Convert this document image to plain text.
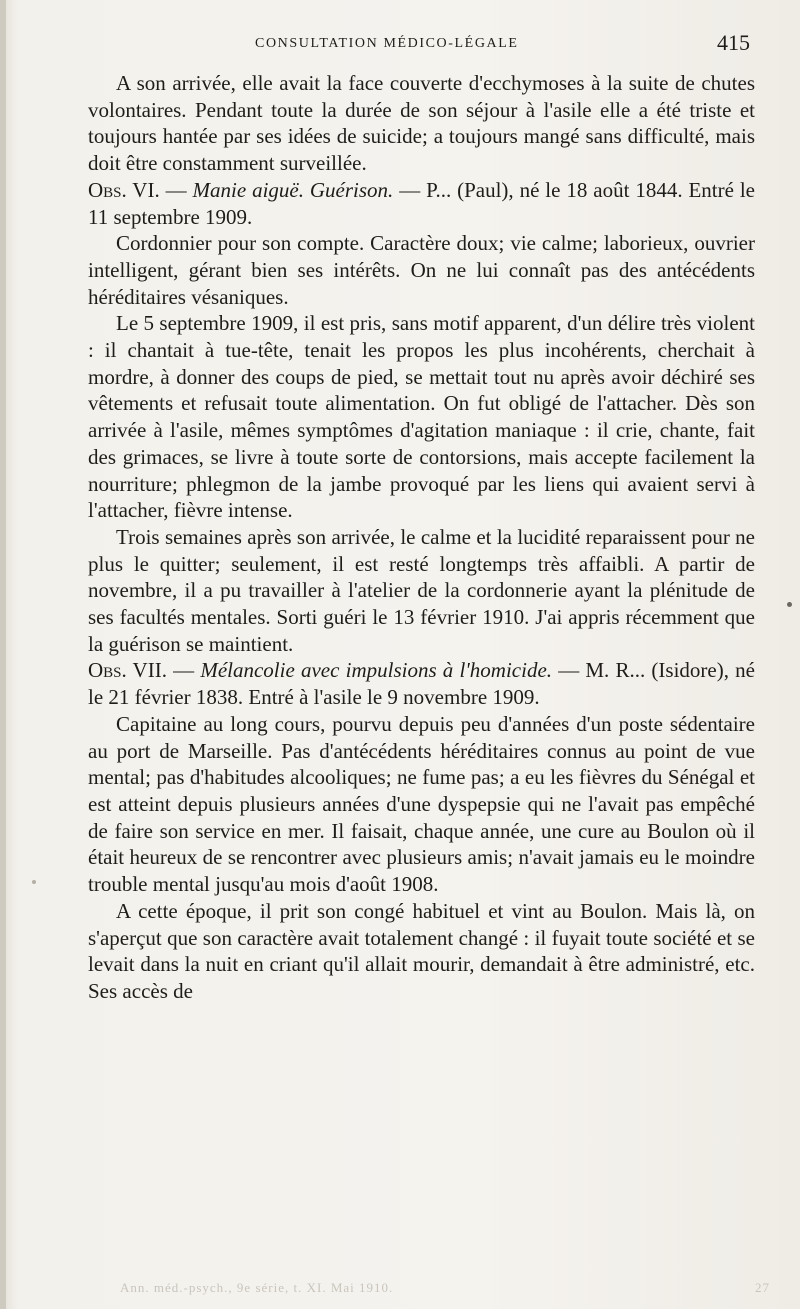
CONSULTATION MÉDICO-LÉGALE	415

A son arrivée, elle avait la face couverte d'ecchymoses à la suite de chutes volontaires. Pendant toute la durée de son séjour à l'asile elle a été triste et toujours hantée par ses idées de suicide; a toujours mangé sans difficulté, mais doit être constamment surveillée.

Obs. VI. — Manie aiguë. Guérison. — P... (Paul), né le 18 août 1844. Entré le 11 septembre 1909.

Cordonnier pour son compte. Caractère doux; vie calme; laborieux, ouvrier intelligent, gérant bien ses intérêts. On ne lui connaît pas des antécédents héréditaires vésaniques.

Le 5 septembre 1909, il est pris, sans motif apparent, d'un délire très violent : il chantait à tue-tête, tenait les propos les plus incohérents, cherchait à mordre, à donner des coups de pied, se mettait tout nu après avoir déchiré ses vêtements et refusait toute alimentation. On fut obligé de l'attacher. Dès son arrivée à l'asile, mêmes symptômes d'agitation maniaque : il crie, chante, fait des grimaces, se livre à toute sorte de contorsions, mais accepte facilement la nourriture; phlegmon de la jambe provoqué par les liens qui avaient servi à l'attacher, fièvre intense.

Trois semaines après son arrivée, le calme et la lucidité reparaissent pour ne plus le quitter; seulement, il est resté longtemps très affaibli. A partir de novembre, il a pu travailler à l'atelier de la cordonnerie ayant la plénitude de ses facultés mentales. Sorti guéri le 13 février 1910. J'ai appris récemment que la guérison se maintient.

Obs. VII. — Mélancolie avec impulsions à l'homicide. — M. R... (Isidore), né le 21 février 1838. Entré à l'asile le 9 novembre 1909.

Capitaine au long cours, pourvu depuis peu d'années d'un poste sédentaire au port de Marseille. Pas d'antécédents héréditaires connus au point de vue mental; pas d'habitudes alcooliques; ne fume pas; a eu les fièvres du Sénégal et est atteint depuis plusieurs années d'une dyspepsie qui ne l'avait pas empêché de faire son service en mer. Il faisait, chaque année, une cure au Boulon où il était heureux de se rencontrer avec plusieurs amis; n'avait jamais eu le moindre trouble mental jusqu'au mois d'août 1908.

A cette époque, il prit son congé habituel et vint au Boulon. Mais là, on s'aperçut que son caractère avait totalement changé : il fuyait toute société et se levait dans la nuit en criant qu'il allait mourir, demandait à être administré, etc. Ses accès de

Ann. méd.-psych., 9e série, t. XI. Mai 1910.	27
